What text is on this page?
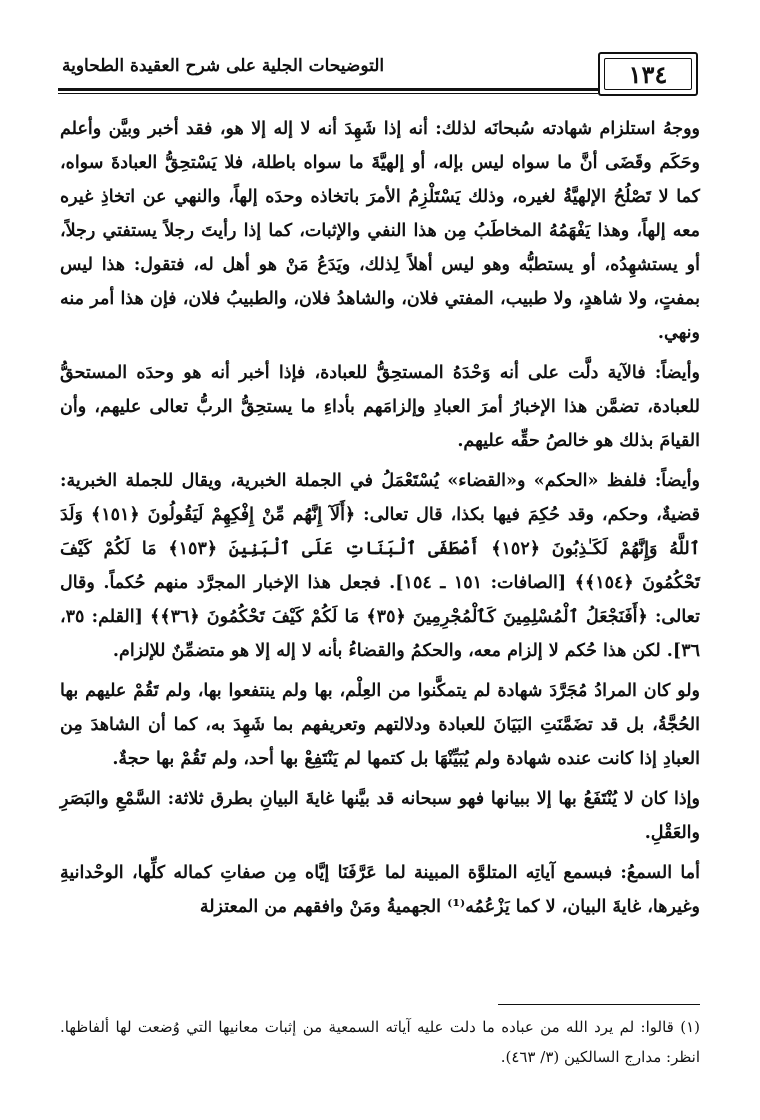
التوضيحات الجلية على شرح العقيدة الطحاوية	١٣٤

ووجهُ استلزام شهادته سُبحانَه لذلك: أنه إذا شَهِدَ أنه لا إله إلا هو، فقد أخبر وبيَّن وأعلم وحَكَم وقَضَى أنَّ ما سواه ليس بإله، أو إلهيَّةَ ما سواه باطلة، فلا يَسْتحِقُّ العبادةَ سواه، كما لا تَصْلُحُ الإلهيَّةُ لغيره، وذلك يَسْتَلْزِمُ الأمرَ باتخاذه وحدَه إلهاً، والنهي عن اتخاذِ غيره معه إلهاً، وهذا يَفْهَمُهُ المخاطَبُ مِن هذا النفي والإثبات، كما إذا رأيتَ رجلاً يستفتي رجلاً، أو يستشهِدُه، أو يستطبُّه وهو ليس أهلاً لِذلك، ويَدَعُ مَنْ هو أهل له، فتقول: هذا ليس بمفتٍ، ولا شاهدٍ، ولا طبيب، المفتي فلان، والشاهدُ فلان، والطبيبُ فلان، فإن هذا أمر منه ونهي.

وأيضاً: فالآية دلَّت على أنه وَحْدَهُ المستحِقُّ للعبادة، فإذا أخبر أنه هو وحدَه المستحقُّ للعبادة، تضمَّن هذا الإخبارُ أمرَ العبادِ وإلزامَهم بأداءِ ما يستحِقُّ الربُّ تعالى عليهم، وأن القيامَ بذلك هو خالصُ حقِّه عليهم.

وأيضاً: فلفظ «الحكم» و«القضاء» يُسْتَعْمَلُ في الجملة الخبرية، ويقال للجملة الخبرية: قضيةٌ، وحكم، وقد حُكِمَ فيها بكذا، قال تعالى: ﴿أَلَآ إِنَّهُم مِّنْ إِفْكِهِمْ لَيَقُولُونَ ﴿١٥١﴾ وَلَدَ ٱللَّهُ وَإِنَّهُمْ لَكَـٰذِبُونَ ﴿١٥٢﴾ أَصْطَفَى ٱلْبَنَاتِ عَلَى ٱلْبَنِينَ ﴿١٥٣﴾ مَا لَكُمْ كَيْفَ تَحْكُمُونَ ﴿١٥٤﴾﴾ [الصافات: ١٥١ ـ ١٥٤]. فجعل هذا الإخبار المجرَّد منهم حُكماً. وقال تعالى: ﴿أَفَنَجْعَلُ ٱلْمُسْلِمِينَ كَٱلْمُجْرِمِينَ ﴿٣٥﴾ مَا لَكُمْ كَيْفَ تَحْكُمُونَ ﴿٣٦﴾﴾ [القلم: ٣٥، ٣٦]. لكن هذا حُكم لا إلزام معه، والحكمُ والقضاءُ بأنه لا إله إلا هو متضمِّنٌ للإلزام.

ولو كان المرادُ مُجَرَّدَ شهادة لم يتمكَّنوا من العِلْم، بها ولم ينتفعوا بها، ولم تَقُمْ عليهم بها الحُجَّةُ، بل قد تضَمَّنَتِ البَيَانَ للعبادة ودلالتهم وتعريفهم بما شَهِدَ به، كما أن الشاهدَ مِن العبادِ إذا كانت عنده شهادة ولم يُبَيِّنْهَا بل كتمها لم يَنْتَفِعْ بها أحد، ولم تَقُمْ بها حجةٌ.

وإذا كان لا يُنْتَفَعُ بها إلا ببيانها فهو سبحانه قد بيَّنها غايةَ البيانِ بطرق ثلاثة: السَّمْعِ والبَصَرِ والعَقْلِ.

أما السمعُ: فبسمع آياتِه المتلوَّة المبينة لما عَرَّفَنَا إيَّاه مِن صفاتِ كماله كلِّها، الوحْدانيةِ وغيرها، غايةَ البيان، لا كما يَزْعُمُه⁽¹⁾ الجهميةُ ومَنْ وافقهم من المعتزلة

(١) قالوا: لم يرد الله من عباده ما دلت عليه آياته السمعية من إثبات معانيها التي وُضعت لها ألفاظها. انظر: مدارج السالكين (٣/ ٤٦٣).
